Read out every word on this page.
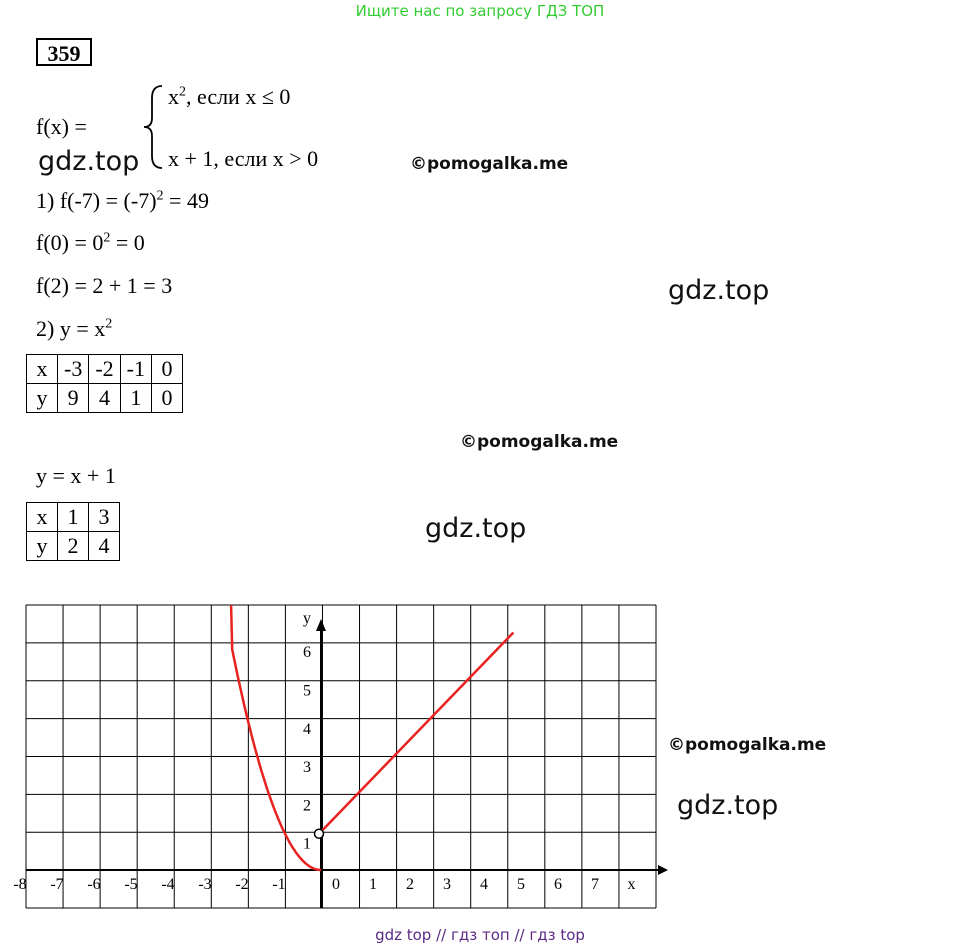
Ищите нас по запросу ГДЗ ТОП
359
f(x) =
$x^2$, если x ≤ 0
x + 1, если x > 0
gdz.top	©pomogalka.me
gdz.top
©pomogalka.me
gdz.top
©pomogalka.me
gdz.top
1) $f(-7) = (-7)^2 = 49$
$f(0) = 0^2 = 0$
f(2) = 2 + 1 = 3
2) $y = x^2$
x	-3	-2	-1	0
y	9	4	1	0
y = x + 1
x	1	3
y	2	4
-8 -7 -6 -5 -4 -3 -2 -1	0 1 2 3 4 5 6 7 x
1
2
3
4
5
6
y
gdz top // гдз топ // гдз top
